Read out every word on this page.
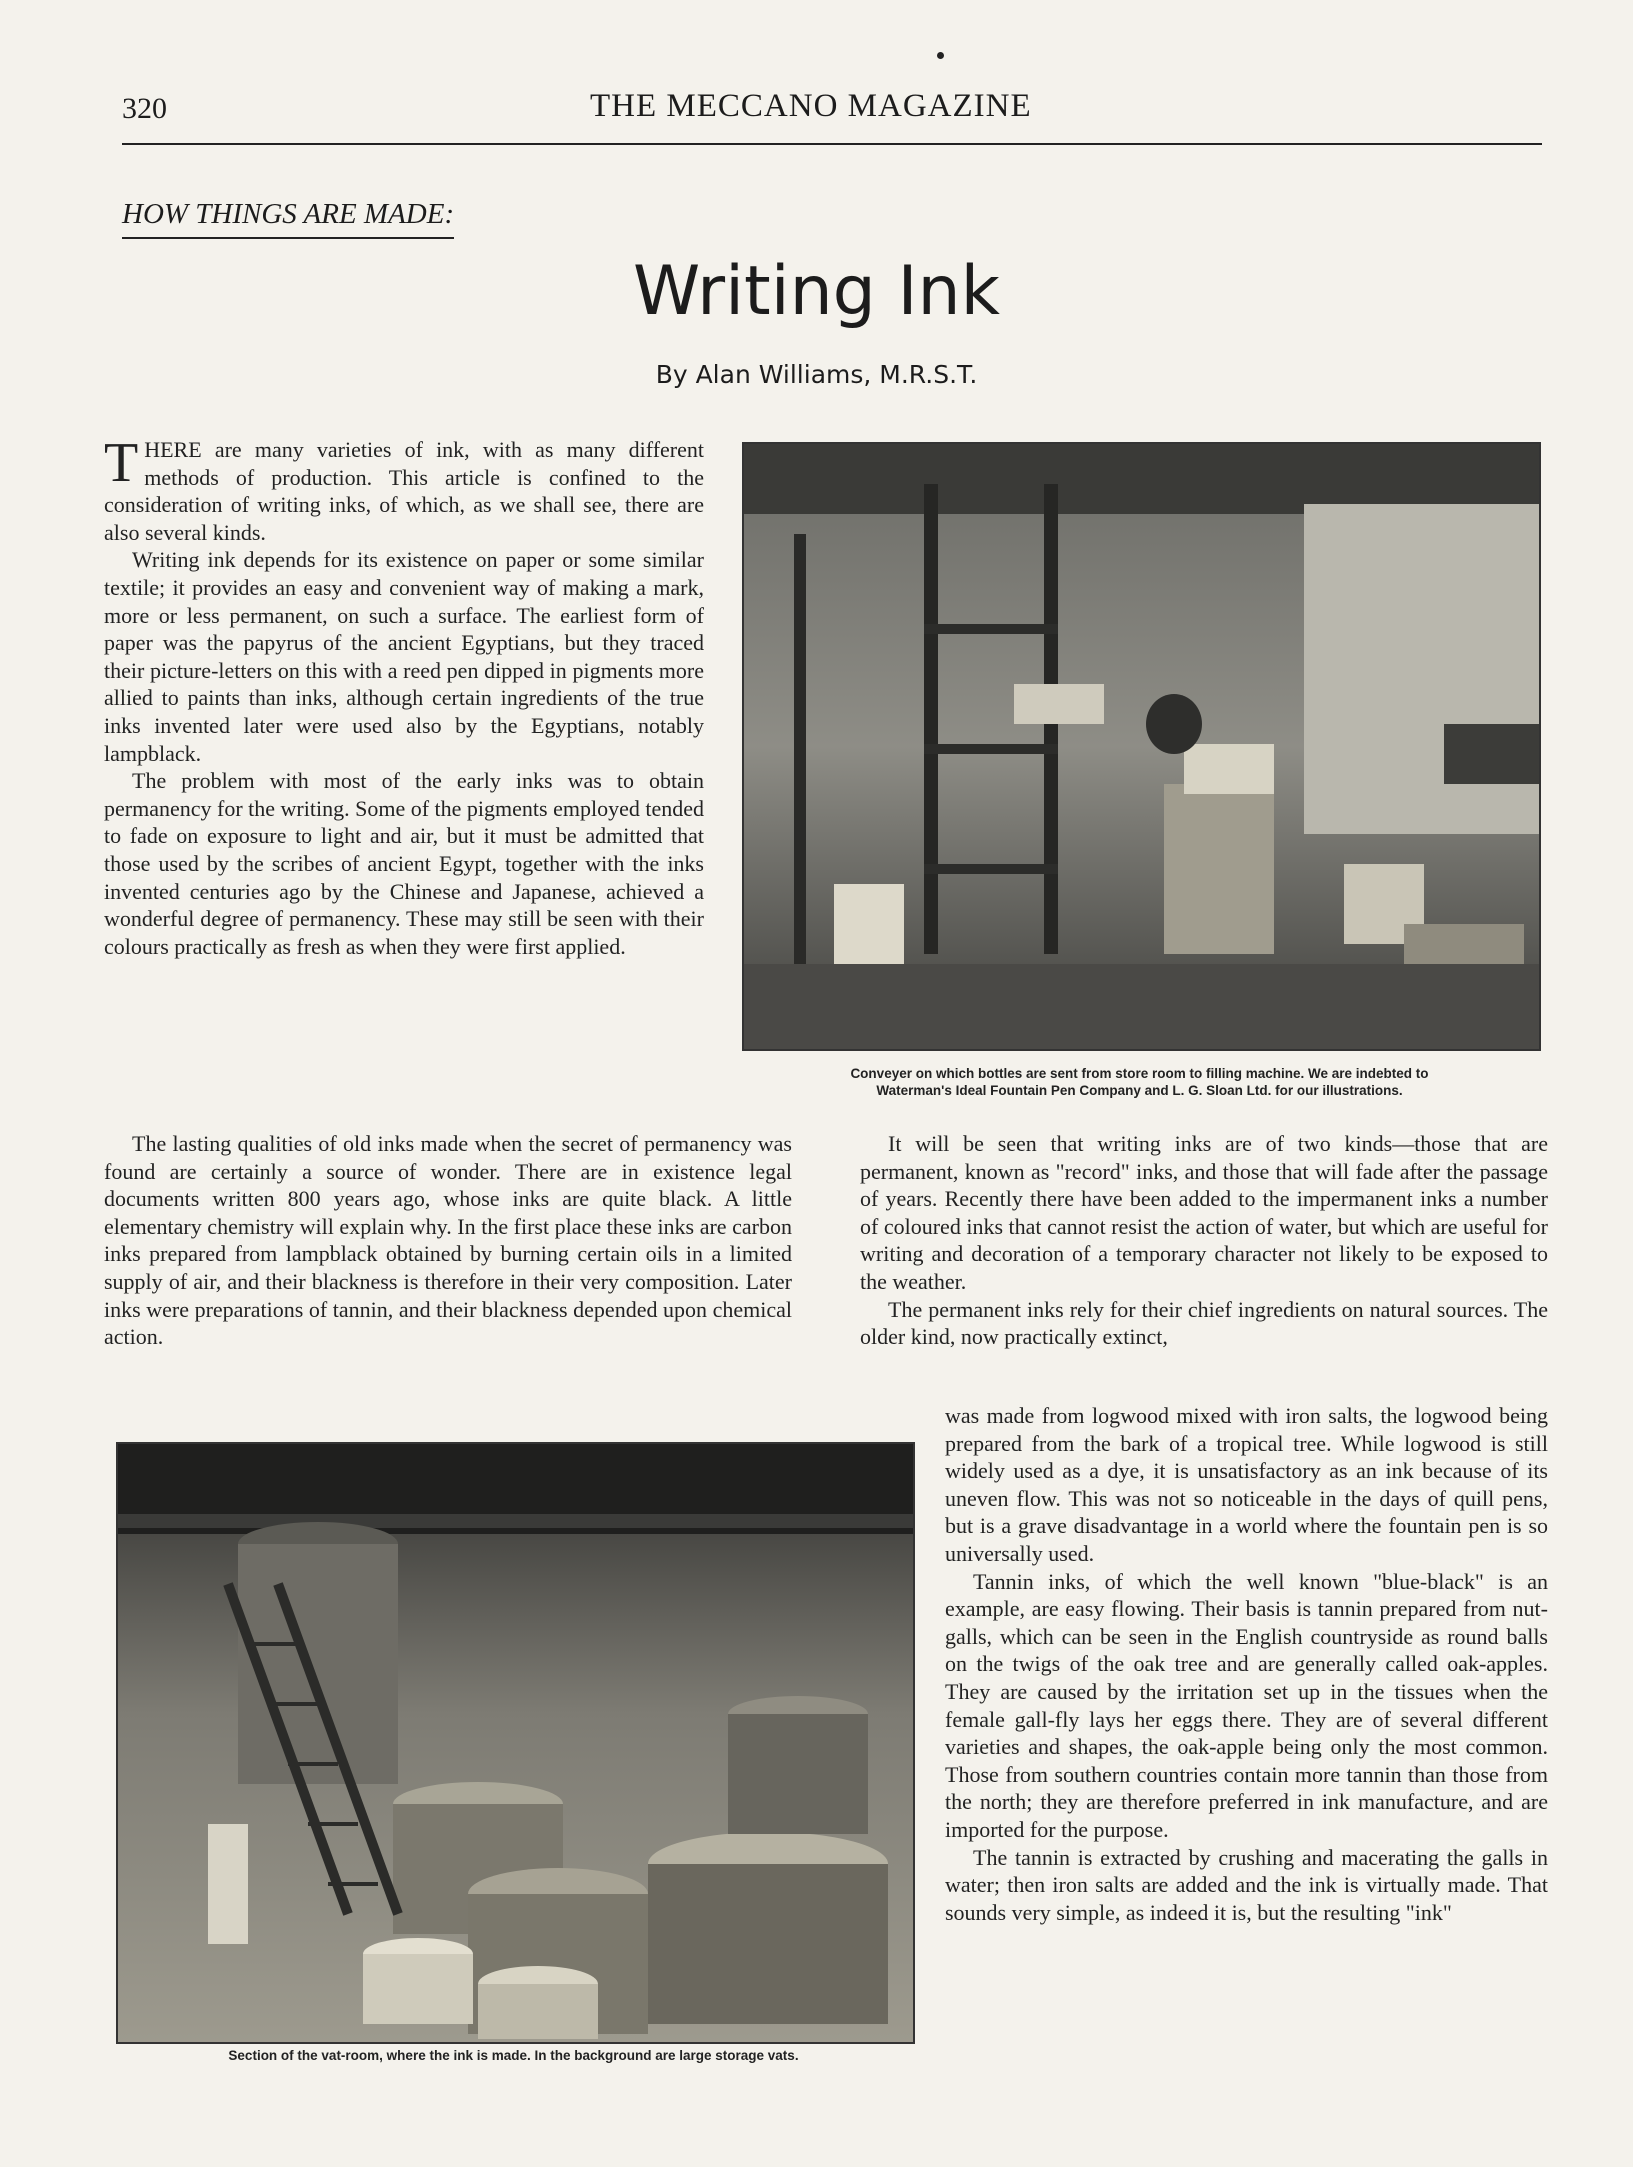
320	THE MECCANO MAGAZINE
HOW THINGS ARE MADE:
Writing Ink
By Alan Williams, M.R.S.T.

THERE are many varieties of ink, with as many different methods of production. This article is confined to the consideration of writing inks, of which, as we shall see, there are also several kinds.

Writing ink depends for its existence on paper or some similar textile; it provides an easy and convenient way of making a mark, more or less permanent, on such a surface. The earliest form of paper was the papyrus of the ancient Egyptians, but they traced their picture-letters on this with a reed pen dipped in pigments more allied to paints than inks, although certain ingredients of the true inks invented later were used also by the Egyptians, notably lampblack.

The problem with most of the early inks was to obtain permanency for the writing. Some of the pigments employed tended to fade on exposure to light and air, but it must be admitted that those used by the scribes of ancient Egypt, together with the inks invented centuries ago by the Chinese and Japanese, achieved a wonderful degree of permanency. These may still be seen with their colours practically as fresh as when they were first applied.

Conveyer on which bottles are sent from store room to filling machine. We are indebted to
Waterman's Ideal Fountain Pen Company and L. G. Sloan Ltd. for our illustrations.

The lasting qualities of old inks made when the secret of permanency was found are certainly a source of wonder. There are in existence legal documents written 800 years ago, whose inks are quite black. A little elementary chemistry will explain why. In the first place these inks are carbon inks prepared from lampblack obtained by burning certain oils in a limited supply of air, and their blackness is therefore in their very composition. Later inks were preparations of tannin, and their blackness depended upon chemical action.

It will be seen that writing inks are of two kinds—those that are permanent, known as "record" inks, and those that will fade after the passage of years. Recently there have been added to the impermanent inks a number of coloured inks that cannot resist the action of water, but which are useful for writing and decoration of a temporary character not likely to be exposed to the weather.

The permanent inks rely for their chief ingredients on natural sources. The older kind, now practically extinct,

Section of the vat-room, where the ink is made. In the background are large storage vats.

was made from logwood mixed with iron salts, the logwood being prepared from the bark of a tropical tree. While logwood is still widely used as a dye, it is unsatisfactory as an ink because of its uneven flow. This was not so noticeable in the days of quill pens, but is a grave disadvantage in a world where the fountain pen is so universally used.

Tannin inks, of which the well known "blue-black" is an example, are easy flowing. Their basis is tannin prepared from nut-galls, which can be seen in the English countryside as round balls on the twigs of the oak tree and are generally called oak-apples. They are caused by the irritation set up in the tissues when the female gall-fly lays her eggs there. They are of several different varieties and shapes, the oak-apple being only the most common. Those from southern countries contain more tannin than those from the north; they are therefore preferred in ink manufacture, and are imported for the purpose.

The tannin is extracted by crushing and macerating the galls in water; then iron salts are added and the ink is virtually made. That sounds very simple, as indeed it is, but the resulting "ink"
